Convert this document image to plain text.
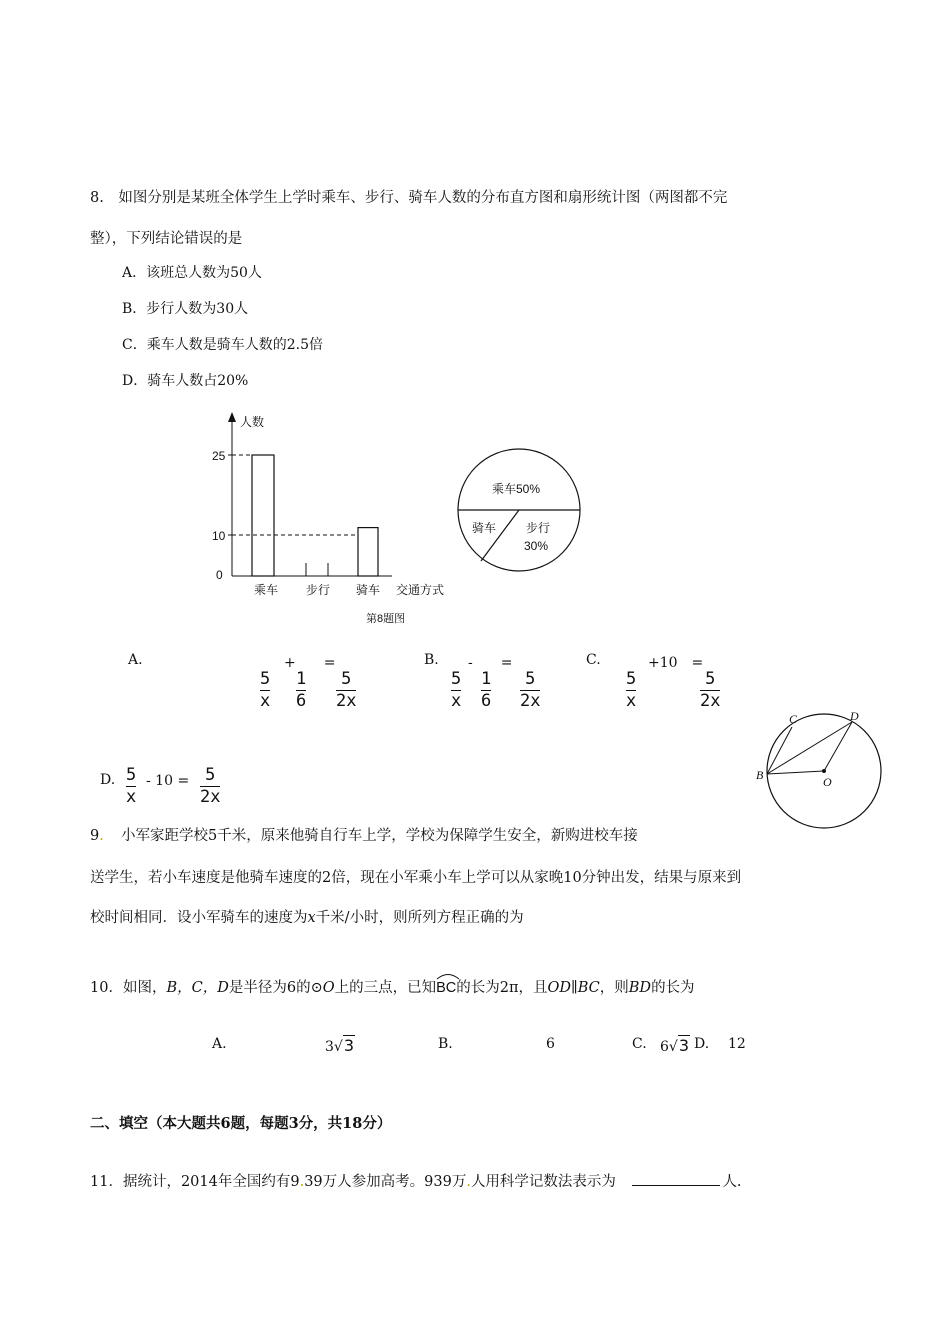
8.　如图分别是某班全体学生上学时乘车、步行、骑车人数的分布直方图和扇形统计图（两图都不完
整），下列结论错误的是
A．该班总人数为50人
B．步行人数为30人
C．乘车人数是骑车人数的2.5倍
D．骑车人数占20%
人数
交通方式
25
10
0
乘车 步行 骑车
第8题图
乘车50%
骑车 步行
30%
B
C	D
O
A.	+　　=
5
x
1
6
5
2x
B. -　　=
5
x
1
6
5
2x
C.	+10　=
5
x
5
2x
D. 5
x
- 10 = 5
2x
9．　 小军家距学校5千米，原来他骑自行车上学，学校为保障学生安全，新购进校车接
送学生，若小车速度是他骑车速度的2倍，现在小军乘小车上学可以从家晚10分钟出发，结果与原来到
校时间相同．设小军骑车的速度为x千米/小时，则所列方程正确的为
10．如图，B，C，D是半径为6的⊙O上的三点，已知
BC的长为2π，且OD∥BC，则BD的长为
A.	3√3	B.	6	C. 6√3 D. 12
二、填空（本大题共6题，每题3分，共18分）
11．据统计，2014年全国约有9.39万人参加高考。939万.人用科学记数法表示为　	人.
